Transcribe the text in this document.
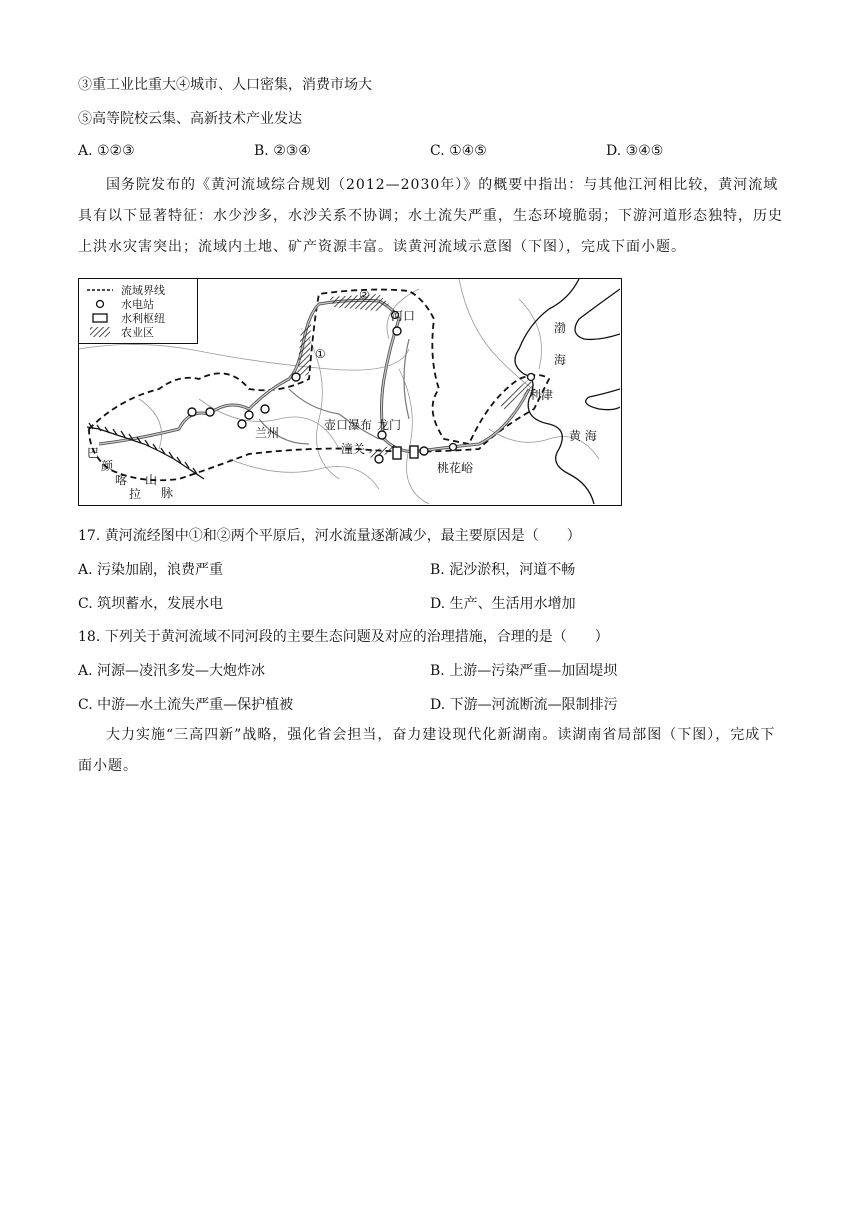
③重工业比重大④城市、人口密集，消费市场大
⑤高等院校云集、高新技术产业发达
A. ①②③	B. ②③④	C. ①④⑤	D. ③④⑤
国务院发布的《黄河流域综合规划（2012—2030年）》的概要中指出：与其他江河相比较，黄河流域具有以下显著特征：水少沙多，水沙关系不协调；水土流失严重，生态环境脆弱；下游河道形态独特，历史上洪水灾害突出；流域内土地、矿产资源丰富。读黄河流域示意图（下图），完成下面小题。
流域界线
水电站
水利枢纽
农业区
①
②
河口
渤
海
利津
黄 海
兰州
壶口瀑布 龙门
潼关
桃花峪
巴
颜
喀
拉
山
脉
17. 黄河流经图中①和②两个平原后，河水流量逐渐减少，最主要原因是（　　）
A. 污染加剧，浪费严重	B. 泥沙淤积，河道不畅
C. 筑坝蓄水，发展水电	D. 生产、生活用水增加
18. 下列关于黄河流域不同河段的主要生态问题及对应的治理措施，合理的是（　　）
A. 河源—凌汛多发—大炮炸冰	B. 上游—污染严重—加固堤坝
C. 中游—水土流失严重—保护植被	D. 下游—河流断流—限制排污
大力实施“三高四新”战略，强化省会担当，奋力建设现代化新湖南。读湖南省局部图（下图），完成下面小题。
